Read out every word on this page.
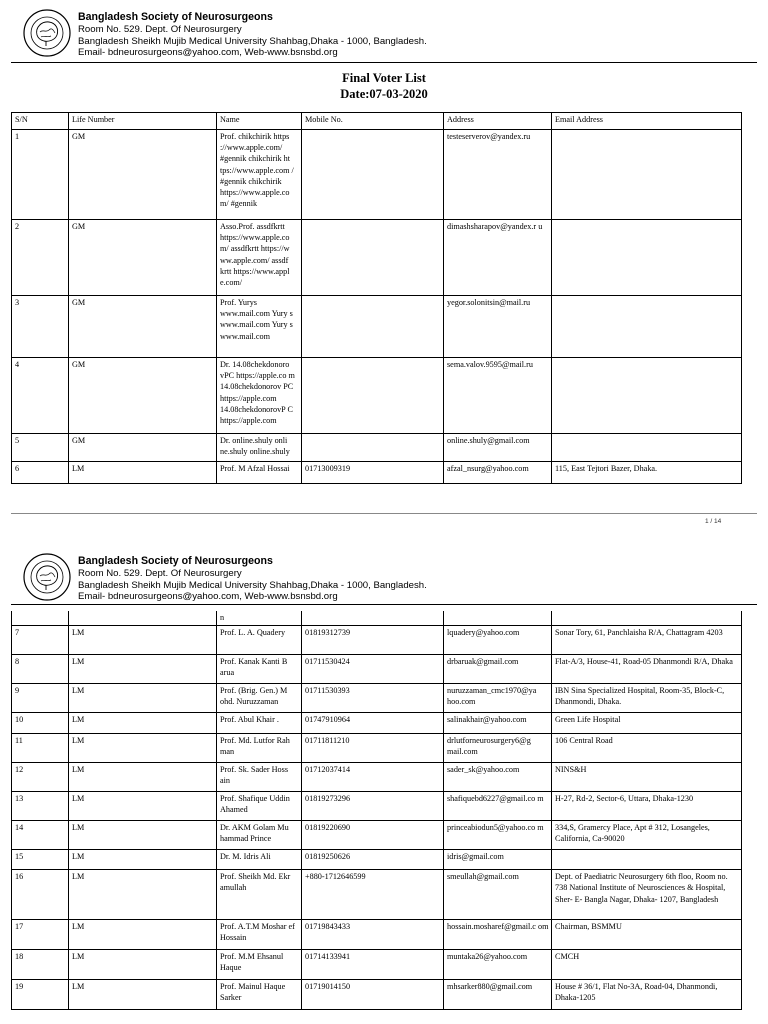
Bangladesh Society of Neurosurgeons
Room No. 529. Dept. Of Neurosurgery
Bangladesh Sheikh Mujib Medical University Shahbag,Dhaka - 1000, Bangladesh.
Email- bdneurosurgeons@yahoo.com, Web-www.bsnsbd.org
Final Voter List
Date:07-03-2020
S/N	Life Number	Name	Mobile No.	Address	Email Address
1	GM	Prof. chikchirik https ://www.apple.com/ #gennik chikchirik ht tps://www.apple.com / #gennik chikchirik https://www.apple.co m/ #gennik		testeserverov@yandex.ru	
2	GM	Asso.Prof. assdfkrtt https://www.apple.co m/ assdfkrtt https://w ww.apple.com/ assdf krtt https://www.appl e.com/		dimashsharapov@yandex.r u	
3	GM	Prof. Yurys www.mail.com Yury s www.mail.com Yury s www.mail.com		yegor.solonitsin@mail.ru	
4	GM	Dr. 14.08chekdonoro vPC https://apple.co m 14.08chekdonorov PC https://apple.com 14.08chekdonorovP C https://apple.com		sema.valov.9595@mail.ru	
5	GM	Dr. online.shuly onli ne.shuly online.shuly		online.shuly@gmail.com	
6	LM	Prof. M Afzal Hossai	01713009319	afzal_nsurg@yahoo.com	115, East Tejtori Bazer, Dhaka.
1 / 14
Bangladesh Society of Neurosurgeons
Room No. 529. Dept. Of Neurosurgery
Bangladesh Sheikh Mujib Medical University Shahbag,Dhaka - 1000, Bangladesh.
Email- bdneurosurgeons@yahoo.com, Web-www.bsnsbd.org
		n			
7	LM	Prof. L. A. Quadery	01819312739	lquadery@yahoo.com	Sonar Tory, 61, Panchlaisha R/A, Chattagram 4203
8	LM	Prof. Kanak Kanti B arua	01711530424	drbaruak@gmail.com	Flat-A/3, House-41, Road-05 Dhanmondi R/A, Dhaka
9	LM	Prof. (Brig. Gen.) M ohd. Nuruzzaman	01711530393	nuruzzaman_cmc1970@ya hoo.com	IBN Sina Specialized Hospital, Room-35, Block-C, Dhanmondi, Dhaka.
10	LM	Prof. Abul Khair .	01747910964	salinakhair@yahoo.com	Green Life Hospital
11	LM	Prof. Md. Lutfor Rah man	01711811210	drlutforneurosurgery6@g mail.com	106 Central Road
12	LM	Prof. Sk. Sader Hoss ain	01712037414	sader_sk@yahoo.com	NINS&H
13	LM	Prof. Shafique Uddin Ahamed	01819273296	shafiquebd6227@gmail.co m	H-27, Rd-2, Sector-6, Uttara, Dhaka-1230
14	LM	Dr. AKM Golam Mu hammad Prince	01819220690	princeabiodun5@yahoo.co m	334,S, Gramercy Place, Apt # 312, Losangeles, California, Ca-90020
15	LM	Dr. M. Idris Ali	01819250626	idris@gmail.com	
16	LM	Prof. Sheikh Md. Ekr amullah	+880-1712646599	smeullah@gmail.com	Dept. of Paediatric Neurosurgery 6th floo, Room no. 738 National Institute of Neurosciences & Hospital, Sher- E- Bangla Nagar, Dhaka- 1207, Bangladesh
17	LM	Prof. A.T.M Moshar ef Hossain	01719843433	hossain.mosharef@gmail.c om	Chairman, BSMMU
18	LM	Prof. M.M Ehsanul Haque	01714133941	muntaka26@yahoo.com	CMCH
19	LM	Prof. Mainul Haque Sarker	01719014150	mhsarker880@gmail.com	House # 36/1, Flat No-3A, Road-04, Dhanmondi, Dhaka-1205
